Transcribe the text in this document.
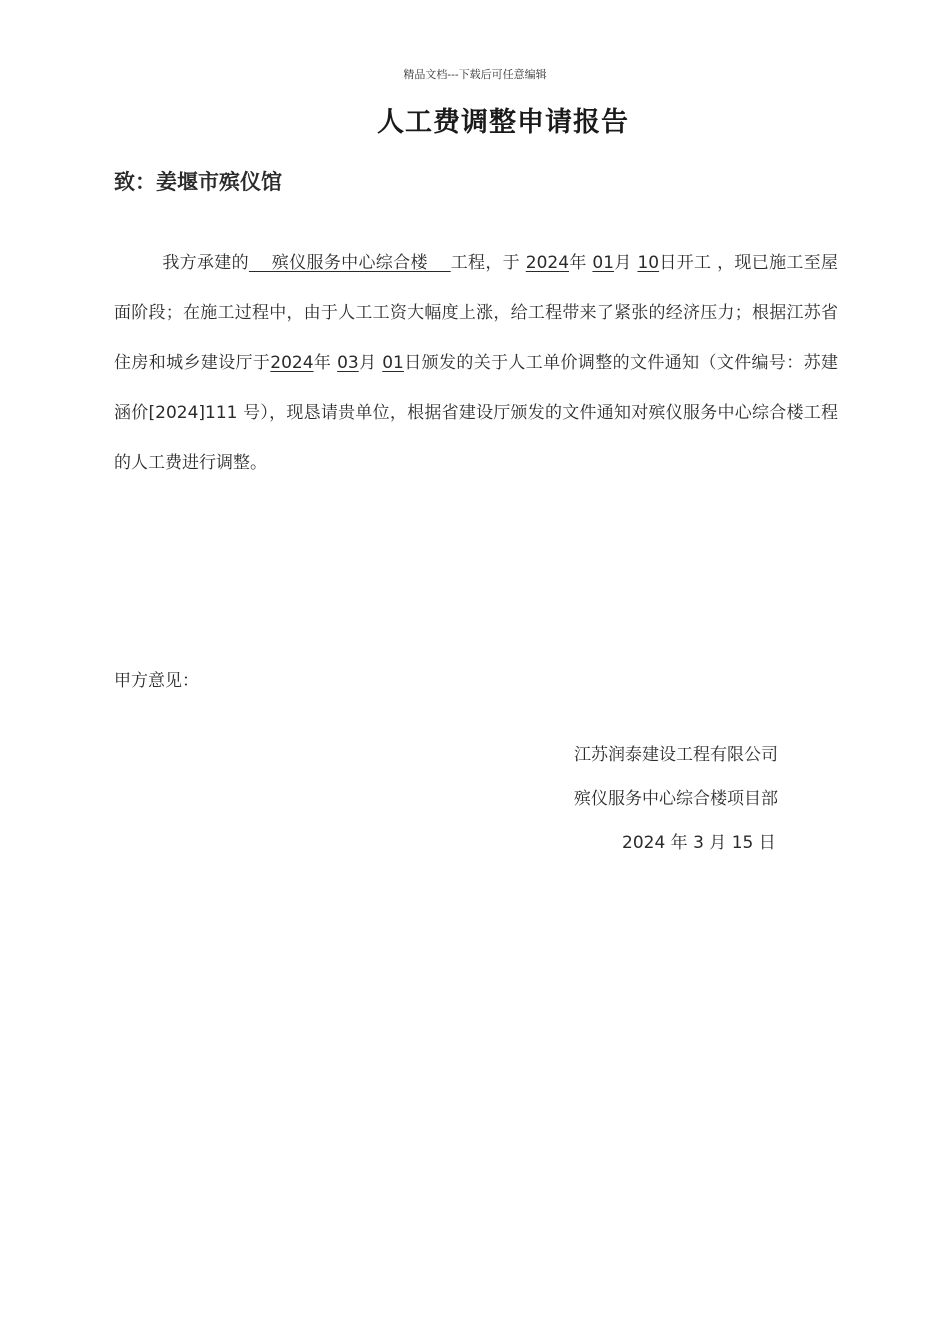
精品文档---下载后可任意编辑
人工费调整申请报告
致：姜堰市殡仪馆
我方承建的    殡仪服务中心综合楼    工程，于 2024年 01月 10日开工 ，现已施工至屋面阶段；在施工过程中，由于人工工资大幅度上涨，给工程带来了紧张的经济压力；根据江苏省住房和城乡建设厅于2024年 03月 01日颁发的关于人工单价调整的文件通知（文件编号：苏建涵价[2024]111 号），现恳请贵单位，根据省建设厅颁发的文件通知对殡仪服务中心综合楼工程的人工费进行调整。
甲方意见：
江苏润泰建设工程有限公司
殡仪服务中心综合楼项目部
2024 年 3 月 15 日
